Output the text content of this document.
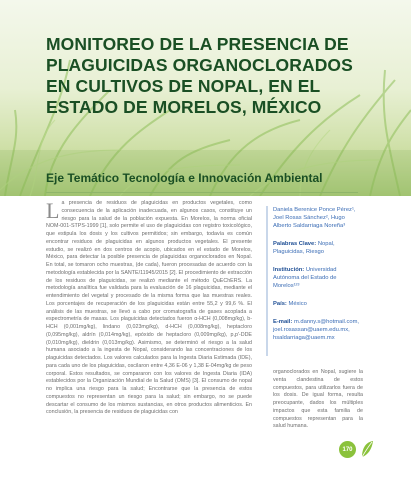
MONITOREO DE LA PRESENCIA DE PLAGUICIDAS ORGANOCLORADOS EN CULTIVOS DE NOPAL, EN EL ESTADO DE MORELOS, MÉXICO
Eje Temático Tecnología e Innovación Ambiental

La presencia de residuos de plaguicidas en productos vegetales, como consecuencia de la aplicación inadecuada, en algunos casos, constituye un riesgo para la salud de la población expuesta. En Morelos, la norma oficial NOM-001-STPS-1999 [1], solo permite el uso de plaguicidas con registro toxicológico, que estipula los dosis y los cultivos permitidos; sin embargo, todavía es común encontrar residuos de plaguicidas en algunos productos vegetales. El presente estudio, se realizó en dos centros de acopio, ubicados en el estado de Morelos, México, para detectar la posible presencia de plaguicidas organoclorados en Nopal. En total, se tomaron ocho muestras, (de cada), fueron procesadas de acuerdo con la metodología establecida por la SANTE/11945/2015 [2]. El procedimiento de extracción de los residuos de plaguicidas, se realizó mediante el método QuEChERS. La metodología analítica fue validada para la evaluación de 16 plaguicidas, mediante el entendimiento del vegetal y procesado de la misma forma que las muestras reales. Los porcentajes de recuperación de los plaguicidas están entre 55,2 y 99,6 %. El análisis de las muestras, se llevó a cabo por cromatografía de gases acoplada a espectrometría de masas. Los plaguicidas detectados fueron α-HCH (0,008mg/kg), b-HCH (0,001mg/kg), lindano (0,023mg/kg), d-HCH (0,008mg/kg), heptacloro (0,095mg/kg), aldrín (0,014mg/kg), epóxido de heptacloro (0,009mg/kg), p,p'-DDE (0,010mg/kg), dieldrin (0,013mg/kg). Asimismo, se determinó el riesgo a la salud humana asociado a la ingesta de Nopal, considerando las concentraciones de los plaguicidas detectados. Los valores calculados para la Ingesta Diaria Estimada (IDE), para cada uno de los plaguicidas, oscilaron entre 4,36 E-06 y 1,38 E-04mg/kg de peso corporal. Estos resultados, se compararon con los valores de Ingesta Diaria (IDA) establecidos por la Organización Mundial de la Salud (OMS) [3]. El consumo de nopal no implica una riesgo para la salud; Encontrarse que la presencia de estos compuestos no representan un riesgo para la salud; sin embargo, no se puede descartar el consumo de los mismos sustancias, en otros productos alimenticios. En conclusión, la presencia de residuos de plaguicidas con

Daniela Berenice Ponce Pérez¹, Joel Rosas Sánchez², Hugo Alberto Saldarriaga Noreña³
Palabras Clave: Nopal, Plaguicidas, Riesgo
Institución: Universidad Autónoma del Estado de Morelos¹²³
País: México
E-mail: m.danny.s@hotmail.com, joel.rosassan@uaem.edu.mx, hsaldarriaga@uaem.mx

organoclorados en Nopal, sugiere la venta clandestina de estos compuestos, para utilizarlos fuera de los dosis. De igual forma, resulta preocupante, dados los múltiples impactos que esta familia de compuestos representan para la salud humana.

170
